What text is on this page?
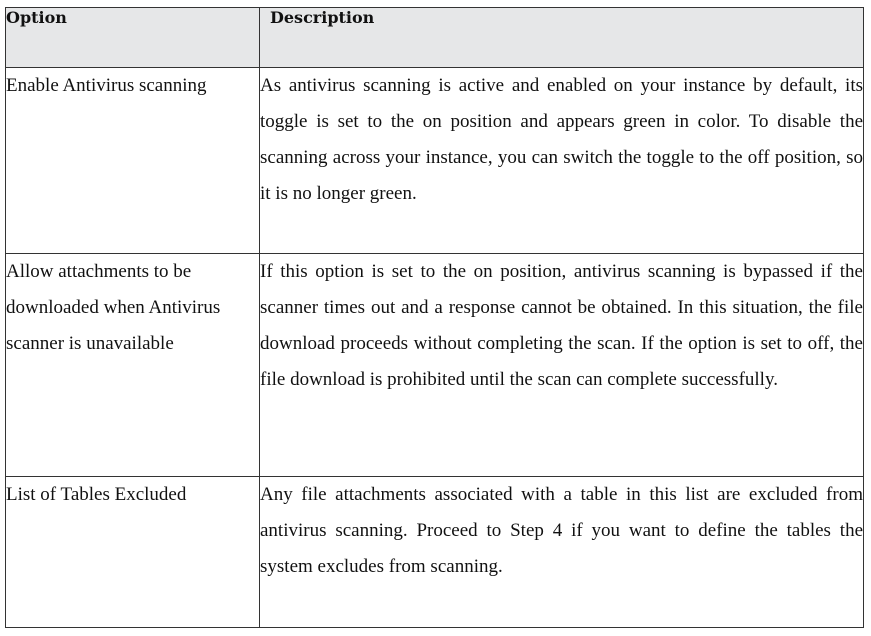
Option	Description
Enable Antivirus scanning	As antivirus scanning is active and enabled on your instance by default, its toggle is set to the on position and appears green in color. To disable the scanning across your instance, you can switch the toggle to the off position, so it is no longer green.
Allow attachments to be downloaded when Antivirus scanner is unavailable	If this option is set to the on position, antivirus scanning is bypassed if the scanner times out and a response cannot be obtained. In this situation, the file download proceeds without completing the scan. If the option is set to off, the file download is prohibited until the scan can complete successfully.
List of Tables Excluded	Any file attachments associated with a table in this list are excluded from antivirus scanning. Proceed to Step 4 if you want to define the tables the system excludes from scanning.
